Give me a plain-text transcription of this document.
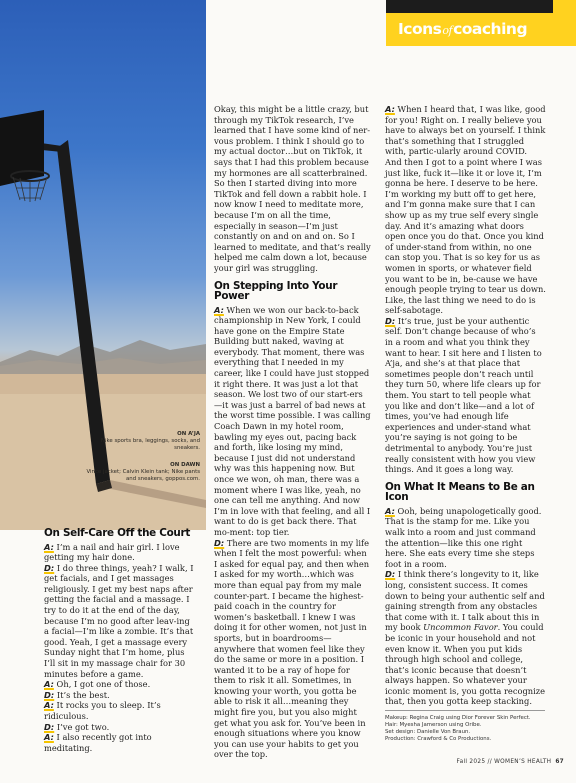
ON A’JA
Nike sports bra, leggings, socks, and sneakers.
ON DAWN
Vince jacket; Calvin Klein tank; Nike pants and sneakers, goppos.com.
Iconsofcoaching
On Self-Care Off the Court

A: I’m a nail and hair girl. I love getting my hair done.

D: I do three things, yeah? I walk, I get facials, and I get massages religiously. I get my best naps after getting the facial and a massage. I try to do it at the end of the day, because I’m no good after leav-ing a facial—I’m like a zombie. It’s that good. Yeah, I get a massage every Sunday night that I’m home, plus I’ll sit in my massage chair for 30 minutes before a game.

A: Oh, I got one of those.

D: It’s the best.

A: It rocks you to sleep. It’s ridiculous.

D: I’ve got two.

A: I also recently got into meditating.

Okay, this might be a little crazy, but through my TikTok research, I’ve learned that I have some kind of ner-vous problem. I think I should go to my actual doctor…but on TikTok, it says that I had this problem because my hormones are all scatterbrained. So then I started diving into more TikTok and fell down a rabbit hole. I now know I need to meditate more, because I’m on all the time, especially in season—I’m just constantly on and on and on. So I learned to meditate, and that’s really helped me calm down a lot, because your girl was struggling.

On Stepping Into Your Power

A: When we won our back-to-back championship in New York, I could have gone on the Empire State Building butt naked, waving at everybody. That moment, there was everything that I needed in my career, like I could have just stopped it right there. It was just a lot that season. We lost two of our start-ers—it was just a barrel of bad news at the worst time possible. I was calling Coach Dawn in my hotel room, bawling my eyes out, pacing back and forth, like losing my mind, because I just did not understand why was this happening now. But once we won, oh man, there was a moment where I was like, yeah, no one can tell me anything. And now I’m in love with that feeling, and all I want to do is get back there. That mo-ment: top tier.

D: There are two moments in my life when I felt the most powerful: when I asked for equal pay, and then when I asked for my worth…which was more than equal pay from my male counter-part. I became the highest-paid coach in the country for women’s basketball. I knew I was doing it for other women, not just in sports, but in boardrooms—anywhere that women feel like they do the same or more in a position. I wanted it to be a ray of hope for them to risk it all. Sometimes, in knowing your worth, you gotta be able to risk it all…meaning they might fire you, but you also might get what you ask for. You’ve been in enough situations where you know you can use your habits to get you over the top.

A: When I heard that, I was like, good for you! Right on. I really believe you have to always bet on yourself. I think that’s something that I struggled with, partic-ularly around COVID. And then I got to a point where I was just like, fuck it—like it or love it, I’m gonna be here. I deserve to be here. I’m working my butt off to get here, and I’m gonna make sure that I can show up as my true self every single day. And it’s amazing what doors open once you do that. Once you kind of under-stand from within, no one can stop you. That is so key for us as women in sports, or whatever field you want to be in, be-cause we have enough people trying to tear us down. Like, the last thing we need to do is self-sabotage.

D: It’s true, just be your authentic self. Don’t change because of who’s in a room and what you think they want to hear. I sit here and I listen to A’ja, and she’s at that place that sometimes people don’t reach until they turn 50, where life clears up for them. You start to tell people what you like and don’t like—and a lot of times, you’ve had enough life experiences and under-stand what you’re saying is not going to be detrimental to anybody. You’re just really consistent with how you view things. And it goes a long way.

On What It Means to Be an Icon

A: Ooh, being unapologetically good. That is the stamp for me. Like you walk into a room and just command the attention—like this one right here. She eats every time she steps foot in a room.

D: I think there’s longevity to it, like long, consistent success. It comes down to being your authentic self and gaining strength from any obstacles that come with it. I talk about this in my book Uncommon Favor. You could be iconic in your household and not even know it. When you put kids through high school and college, that’s iconic because that doesn’t always happen. So whatever your iconic moment is, you gotta recognize that, then you gotta keep stacking.

Makeup: Regina Craig using Dior Forever Skin Perfect.
Hair: Myesha Jamerson using Oribe.
Set design: Danielle Von Braun.
Production: Crawford & Co Productions.
Fall 2025 // WOMEN’S HEALTH 67
